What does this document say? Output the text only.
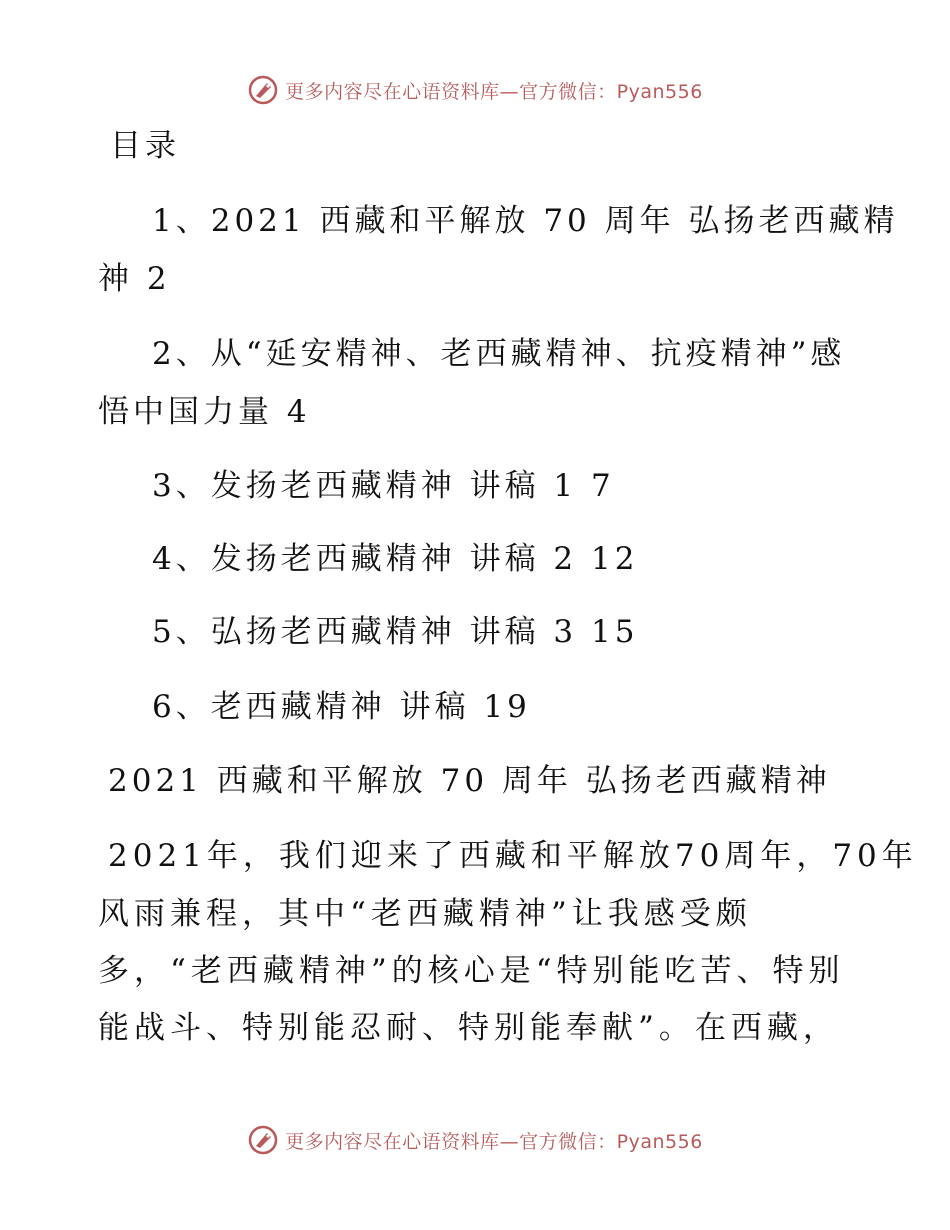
更多内容尽在心语资料库—官方微信：Pyan556
目录
1、2021 西藏和平解放 70 周年 弘扬老西藏精
神 2
2、从“延安精神、老西藏精神、抗疫精神”感
悟中国力量 4
3、发扬老西藏精神 讲稿 1 7
4、发扬老西藏精神 讲稿 2 12
5、弘扬老西藏精神 讲稿 3 15
6、老西藏精神 讲稿 19
2021 西藏和平解放 70 周年 弘扬老西藏精神
2021年，我们迎来了西藏和平解放70周年，70年
风雨兼程，其中“老西藏精神”让我感受颇
多，“老西藏精神”的核心是“特别能吃苦、特别
能战斗、特别能忍耐、特别能奉献”。在西藏，
更多内容尽在心语资料库—官方微信：Pyan556
